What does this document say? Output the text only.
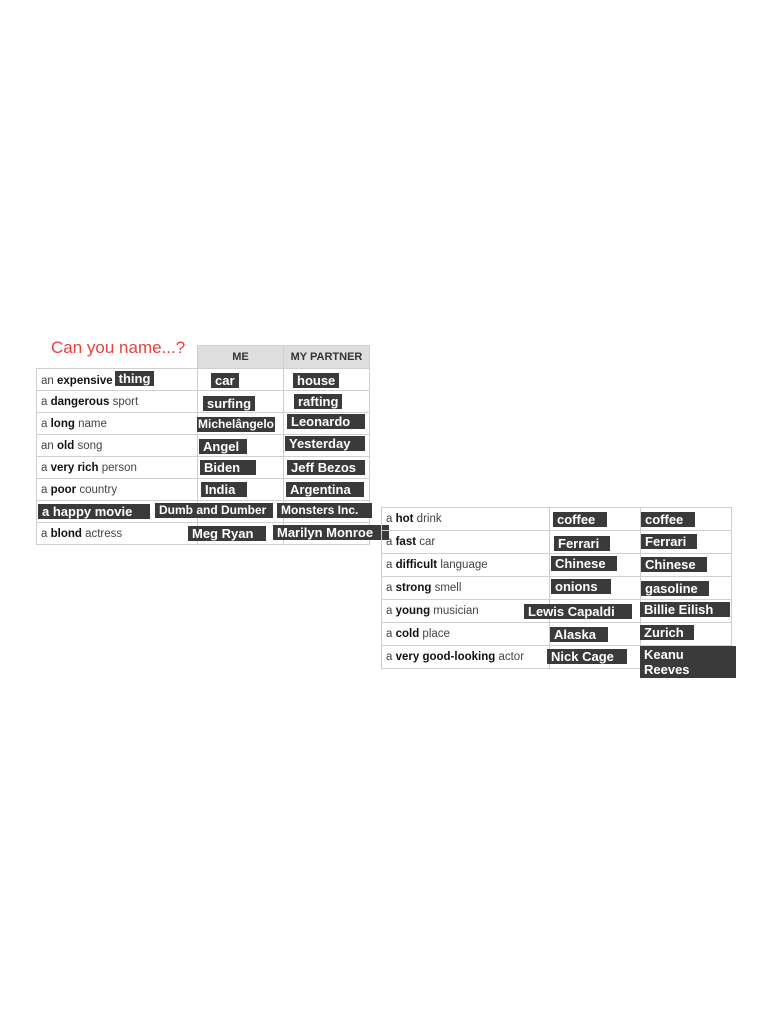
Can you name...?
		ME	MY PARTNER
an expensive thing	car	house

a dangerous sport	surfing	rafting

a long name	Michelângelo	Leonardo

an old song	Angel	Yesterday

a very rich person	Biden	Jeff Bezos

a poor country	India	Argentina

a happy movie	Dumb and Dumber	Monsters Inc.

a blond actress	Meg Ryan	Marilyn Monroe
a hot drink	coffee	coffee

a fast car	Ferrari	Ferrari

a difficult language	Chinese	Chinese

a strong smell	onions	gasoline

a young musician	Lewis Capaldi	Billie Eilish

a cold place	Alaska	Zurich

a very good-looking actor	Nick Cage	Keanu Reeves
